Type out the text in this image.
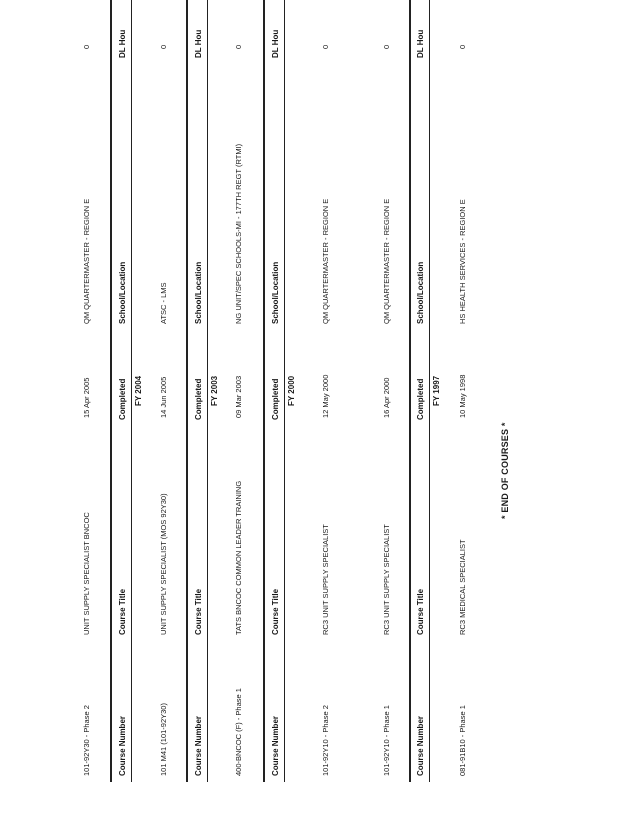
101-92Y30 - Phase 2
UNIT SUPPLY SPECIALIST BNCOC
15 Apr 2005
QM QUARTERMASTER - REGION E
0
Course Number
Course Title
Completed
School/Location
DL Hou
FY 2004
101 M41 (101-92Y30)
UNIT SUPPLY SPECIALIST (MOS 92Y30)
14 Jun 2005
ATSC - LMS
0
Course Number
Course Title
Completed
School/Location
DL Hou
FY 2003
400-BNCOC (F) - Phase 1
TATS BNCOC COMMON LEADER TRAINING
09 Mar 2003
NG UNIT/SPEC SCHOOLS-MI - 177TH REGT (RTMI)
0
Course Number
Course Title
Completed
School/Location
DL Hou
FY 2000
101-92Y10 - Phase 2
RC3 UNIT SUPPLY SPECIALIST
12 May 2000
QM QUARTERMASTER - REGION E
0
101-92Y10 - Phase 1
RC3 UNIT SUPPLY SPECIALIST
16 Apr 2000
QM QUARTERMASTER - REGION E
0
Course Number
Course Title
Completed
School/Location
DL Hou
FY 1997
081-91B10 - Phase 1
RC3 MEDICAL SPECIALIST
10 May 1998
HS HEALTH SERVICES - REGION E
0
* END OF COURSES *
